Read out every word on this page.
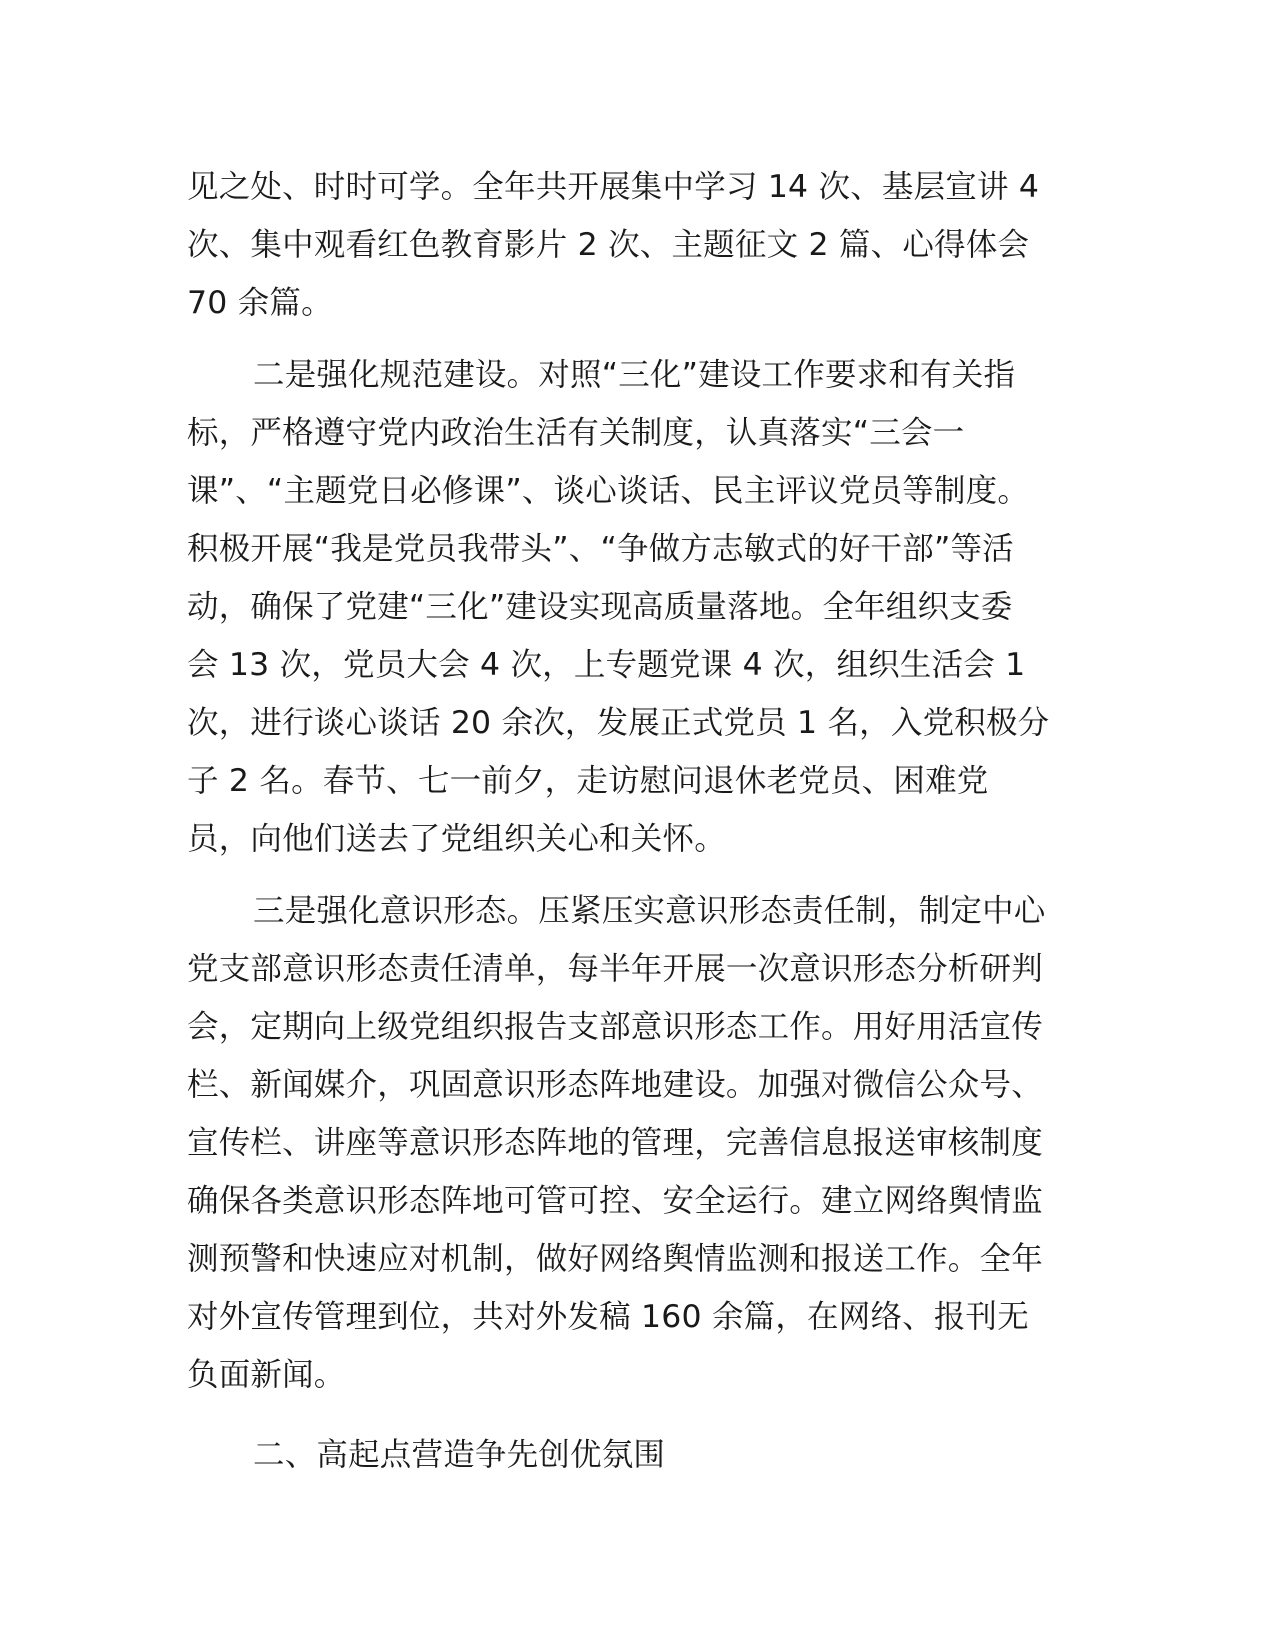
见之处、时时可学。全年共开展集中学习 14 次、基层宣讲 4
次、集中观看红色教育影片 2 次、主题征文 2 篇、心得体会
70 余篇。
二是强化规范建设。对照“三化”建设工作要求和有关指
标，严格遵守党内政治生活有关制度，认真落实“三会一
课”、“主题党日必修课”、谈心谈话、民主评议党员等制度。
积极开展“我是党员我带头”、“争做方志敏式的好干部”等活
动，确保了党建“三化”建设实现高质量落地。全年组织支委
会 13 次，党员大会 4 次，上专题党课 4 次，组织生活会 1
次，进行谈心谈话 20 余次，发展正式党员 1 名，入党积极分
子 2 名。春节、七一前夕，走访慰问退休老党员、困难党
员，向他们送去了党组织关心和关怀。
三是强化意识形态。压紧压实意识形态责任制，制定中心
党支部意识形态责任清单，每半年开展一次意识形态分析研判
会，定期向上级党组织报告支部意识形态工作。用好用活宣传
栏、新闻媒介，巩固意识形态阵地建设。加强对微信公众号、
宣传栏、讲座等意识形态阵地的管理，完善信息报送审核制度
确保各类意识形态阵地可管可控、安全运行。建立网络舆情监
测预警和快速应对机制，做好网络舆情监测和报送工作。全年
对外宣传管理到位，共对外发稿 160 余篇，在网络、报刊无
负面新闻。
二、高起点营造争先创优氛围
